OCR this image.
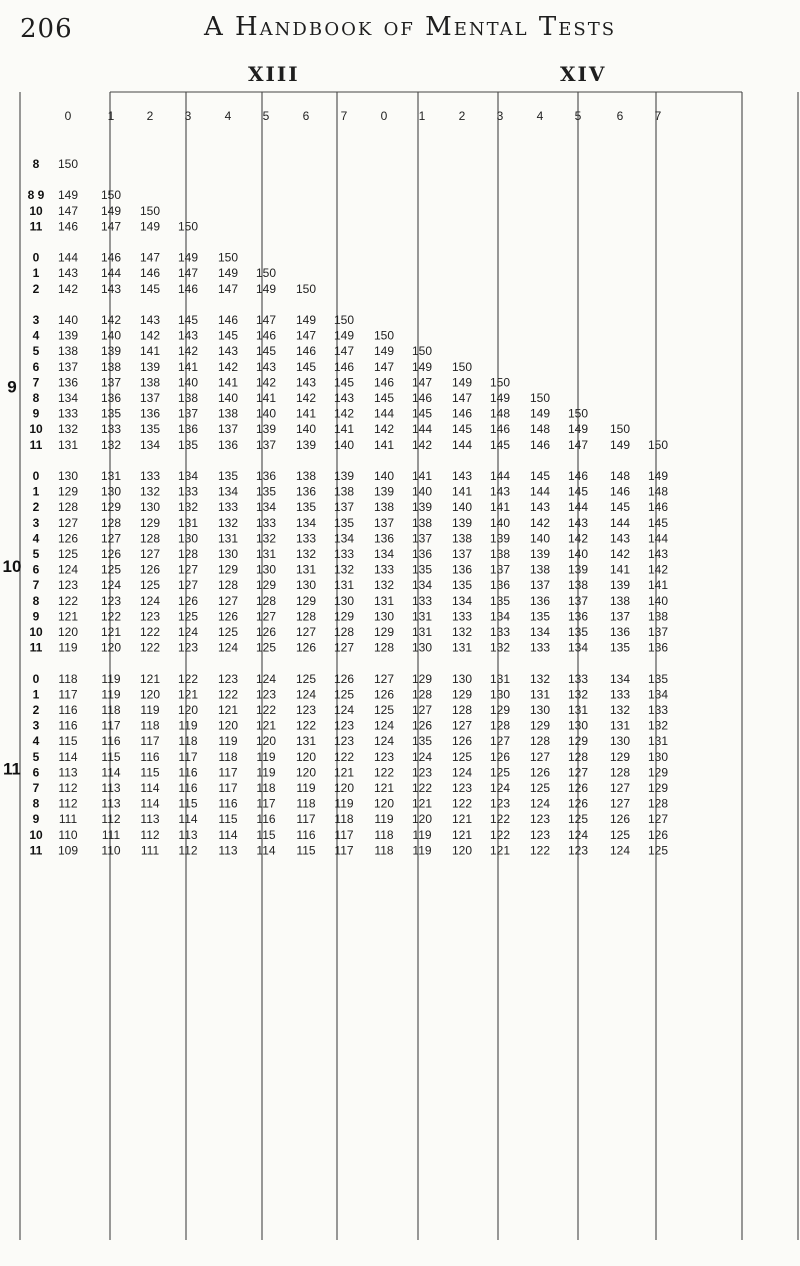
206	A Handbook of Mental Tests
XIII	XIV
0	1	2	3	4	5	6	7	0	1	2	3	4	5	6	7
8 150
8 9 149 150
10 147 149 150
11 146 147 149 150
0 144 146 147 149 150
1 143 144 146 147 149 150
2 142 143 145 146 147 149 150
3 140 142 143 145 146 147 149 150
4 139 140 142 143 145 146 147 149 150
5 138 139 141 142 143 145 146 147 149 150
6 137 138 139 141 142 143 145 146 147 149 150
7 136 137 138 140 141 142 143 145 146 147 149 150
8 134 136 137 138 140 141 142 143 145 146 147 149 150
9 133 135 136 137 138 140 141 142 144 145 146 148 149 150
10 132 133 135 136 137 139 140 141 142 144 145 146 148 149 150
11 131 132 134 135 136 137 139 140 141 142 144 145 146 147 149 150
9
0 130 131 133 134 135 136 138 139 140 141 143 144 145 146 148 149
1 129 130 132 133 134 135 136 138 139 140 141 143 144 145 146 148
2 128 129 130 132 133 134 135 137 138 139 140 141 143 144 145 146
3 127 128 129 131 132 133 134 135 137 138 139 140 142 143 144 145
4 126 127 128 130 131 132 133 134 136 137 138 139 140 142 143 144
5 125 126 127 128 130 131 132 133 134 136 137 138 139 140 142 143
6 124 125 126 127 129 130 131 132 133 135 136 137 138 139 141 142
7 123 124 125 127 128 129 130 131 132 134 135 136 137 138 139 141
8 122 123 124 126 127 128 129 130 131 133 134 135 136 137 138 140
9 121 122 123 125 126 127 128 129 130 131 133 134 135 136 137 138
10 120 121 122 124 125 126 127 128 129 131 132 133 134 135 136 137
11 119 120 122 123 124 125 126 127 128 130 131 132 133 134 135 136
10
0 118 119 121 122 123 124 125 126 127 129 130 131 132 133 134 135
1 117 119 120 121 122 123 124 125 126 128 129 130 131 132 133 134
2 116 118 119 120 121 122 123 124 125 127 128 129 130 131 132 133
3 116 117 118 119 120 121 122 123 124 126 127 128 129 130 131 132
4 115 116 117 118 119 120 131 123 124 135 126 127 128 129 130 131
5 114 115 116 117 118 119 120 122 123 124 125 126 127 128 129 130
6 113 114 115 116 117 119 120 121 122 123 124 125 126 127 128 129
7 112 113 114 116 117 118 119 120 121 122 123 124 125 126 127 129
8 112 113 114 115 116 117 118 119 120 121 122 123 124 126 127 128
9 111 112 113 114 115 116 117 118 119 120 121 122 123 125 126 127
10 110 111 112 113 114 115 116 117 118 119 121 122 123 124 125 126
11 109 110 111 112 113 114 115 117 118 119 120 121 122 123 124 125
11
